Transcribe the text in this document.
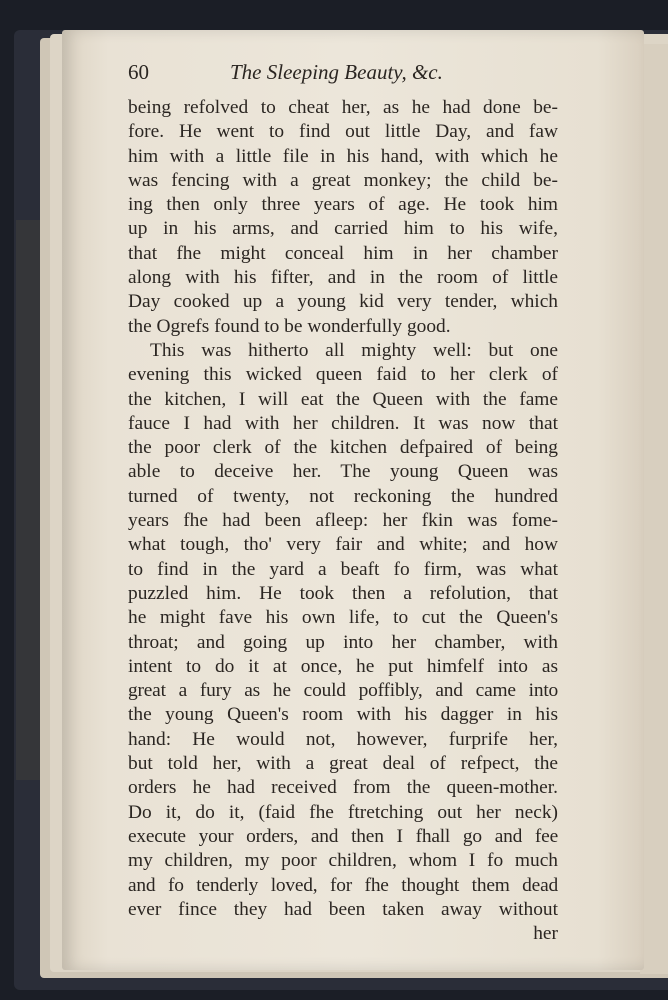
60	The Sleeping Beauty, &c.
being refolved to cheat her, as he had done be-
fore. He went to find out little Day, and faw
him with a little file in his hand, with which he
was fencing with a great monkey; the child be-
ing then only three years of age. He took him
up in his arms, and carried him to his wife,
that fhe might conceal him in her chamber
along with his fifter, and in the room of little
Day cooked up a young kid very tender, which
the Ogrefs found to be wonderfully good.
This was hitherto all mighty well: but one
evening this wicked queen faid to her clerk of
the kitchen, I will eat the Queen with the fame
fauce I had with her children. It was now that
the poor clerk of the kitchen defpaired of being
able to deceive her. The young Queen was
turned of twenty, not reckoning the hundred
years fhe had been afleep: her fkin was fome-
what tough, tho' very fair and white; and how
to find in the yard a beaft fo firm, was what
puzzled him. He took then a refolution, that
he might fave his own life, to cut the Queen's
throat; and going up into her chamber, with
intent to do it at once, he put himfelf into as
great a fury as he could poffibly, and came into
the young Queen's room with his dagger in his
hand: He would not, however, furprife her,
but told her, with a great deal of refpect, the
orders he had received from the queen-mother.
Do it, do it, (faid fhe ftretching out her neck)
execute your orders, and then I fhall go and fee
my children, my poor children, whom I fo much
and fo tenderly loved, for fhe thought them dead
ever fince they had been taken away without
her
